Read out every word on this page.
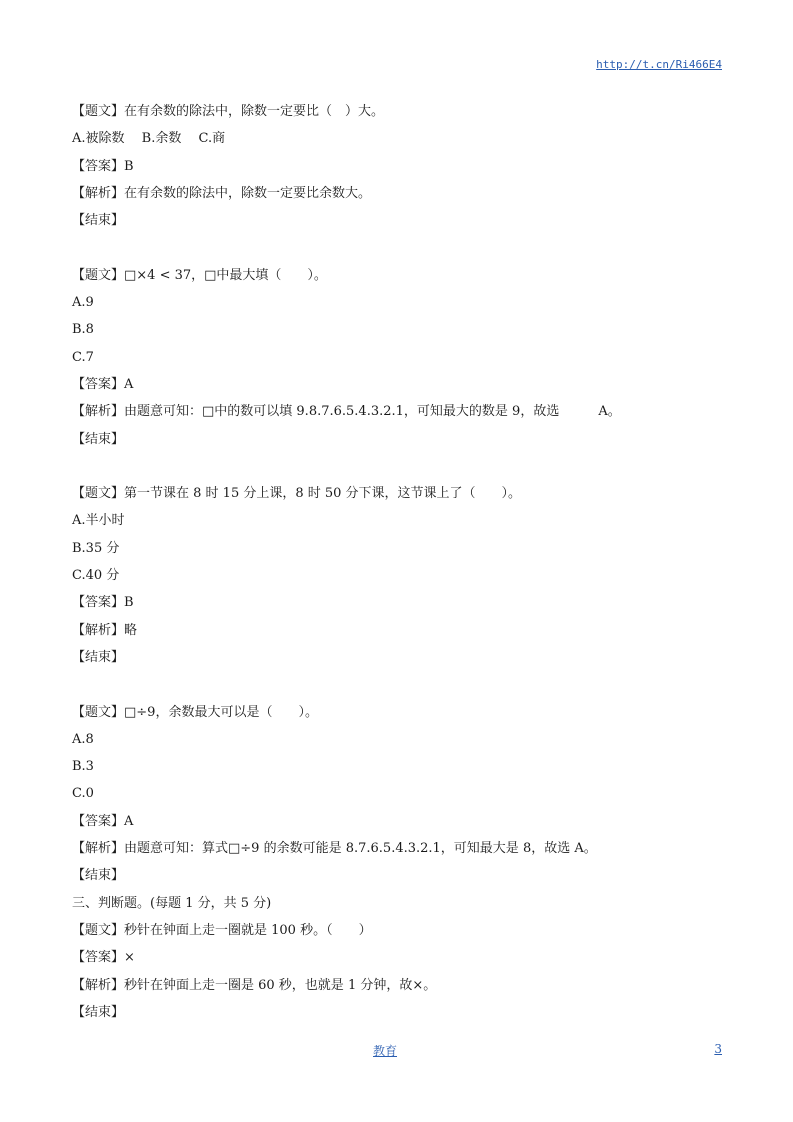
http://t.cn/Ri466E4
【题文】在有余数的除法中，除数一定要比（　）大。
A.被除数　 B.余数　 C.商
【答案】B
【解析】在有余数的除法中，除数一定要比余数大。
【结束】
【题文】□×4 < 37，□中最大填（　　）。
A.9
B.8
C.7
【答案】A
【解析】由题意可知：□中的数可以填 9.8.7.6.5.4.3.2.1，可知最大的数是 9，故选　　　A。
【结束】
【题文】第一节课在 8 时 15 分上课，8 时 50 分下课，这节课上了（　　）。
A.半小时
B.35 分
C.40 分
【答案】B
【解析】略
【结束】
【题文】□÷9，余数最大可以是（　　）。
A.8
B.3
C.0
【答案】A
【解析】由题意可知：算式□÷9 的余数可能是 8.7.6.5.4.3.2.1，可知最大是 8，故选 A。
【结束】
三、判断题。(每题 1 分，共 5 分)
【题文】秒针在钟面上走一圈就是 100 秒。（　　）
【答案】×
【解析】秒针在钟面上走一圈是 60 秒，也就是 1 分钟，故×。
【结束】
教育	3
